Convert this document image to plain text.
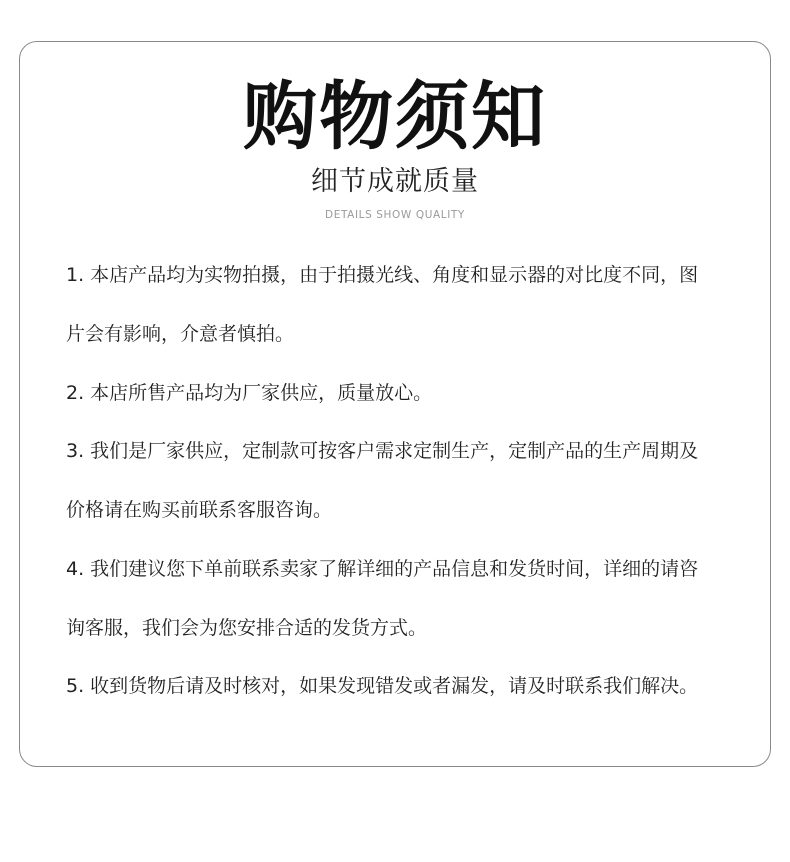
购物须知
细节成就质量
DETAILS SHOW QUALITY
1. 本店产品均为实物拍摄，由于拍摄光线、角度和显示器的对比度不同，图
片会有影响，介意者慎拍。
2. 本店所售产品均为厂家供应，质量放心。
3. 我们是厂家供应，定制款可按客户需求定制生产，定制产品的生产周期及
价格请在购买前联系客服咨询。
4. 我们建议您下单前联系卖家了解详细的产品信息和发货时间，详细的请咨
询客服，我们会为您安排合适的发货方式。
5. 收到货物后请及时核对，如果发现错发或者漏发，请及时联系我们解决。
